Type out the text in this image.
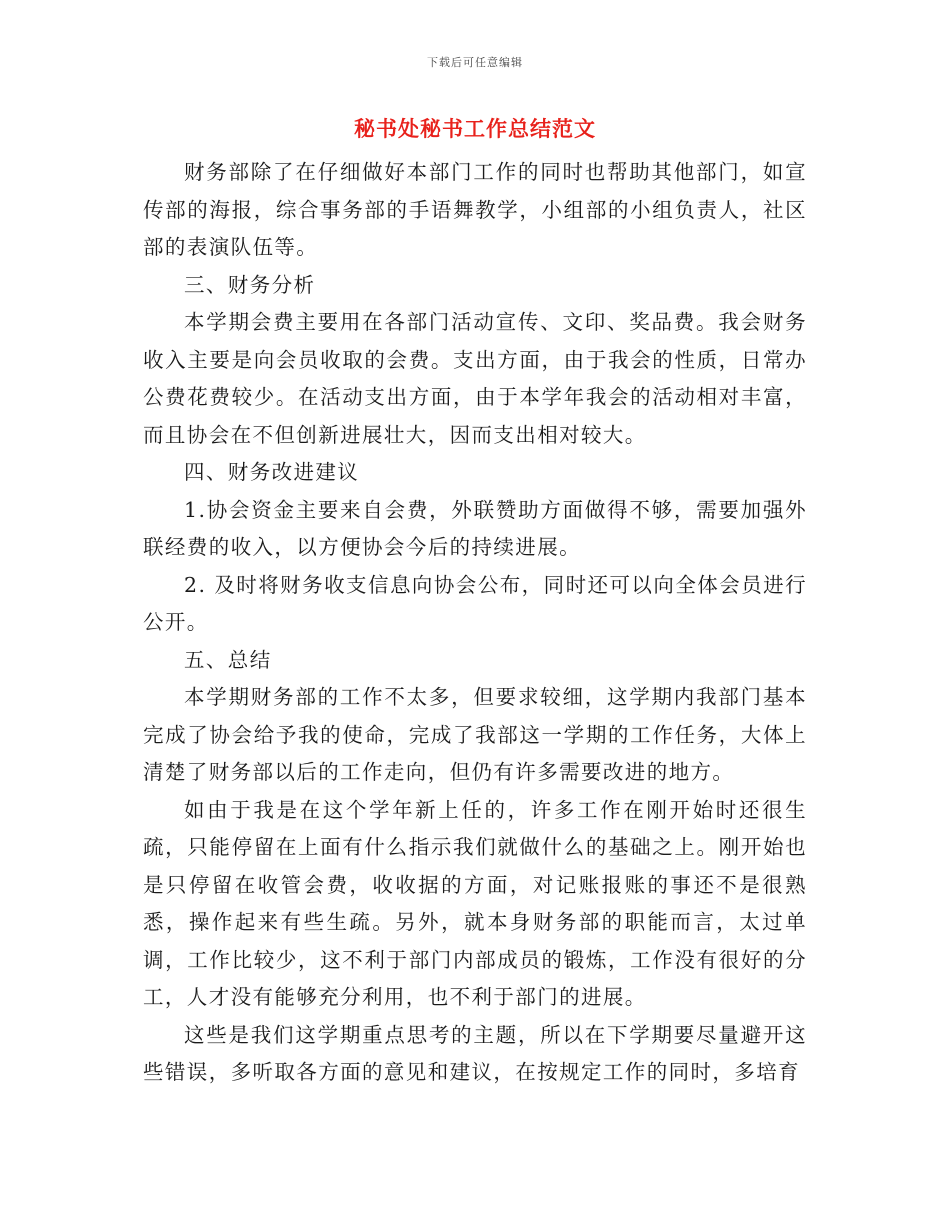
下载后可任意编辑
秘书处秘书工作总结范文

财务部除了在仔细做好本部门工作的同时也帮助其他部门，如宣传部的海报，综合事务部的手语舞教学，小组部的小组负责人，社区部的表演队伍等。

三、财务分析

本学期会费主要用在各部门活动宣传、文印、奖品费。我会财务收入主要是向会员收取的会费。支出方面，由于我会的性质，日常办公费花费较少。在活动支出方面，由于本学年我会的活动相对丰富，而且协会在不但创新进展壮大，因而支出相对较大。

四、财务改进建议

1.协会资金主要来自会费，外联赞助方面做得不够，需要加强外联经费的收入，以方便协会今后的持续进展。

2. 及时将财务收支信息向协会公布，同时还可以向全体会员进行公开。

五、总结

本学期财务部的工作不太多，但要求较细，这学期内我部门基本完成了协会给予我的使命，完成了我部这一学期的工作任务，大体上清楚了财务部以后的工作走向，但仍有许多需要改进的地方。

如由于我是在这个学年新上任的，许多工作在刚开始时还很生疏，只能停留在上面有什么指示我们就做什么的基础之上。刚开始也是只停留在收管会费，收收据的方面，对记账报账的事还不是很熟悉，操作起来有些生疏。另外，就本身财务部的职能而言，太过单调，工作比较少，这不利于部门内部成员的锻炼，工作没有很好的分工，人才没有能够充分利用，也不利于部门的进展。

这些是我们这学期重点思考的主题，所以在下学期要尽量避开这些错误，多听取各方面的意见和建议，在按规定工作的同时，多培育
